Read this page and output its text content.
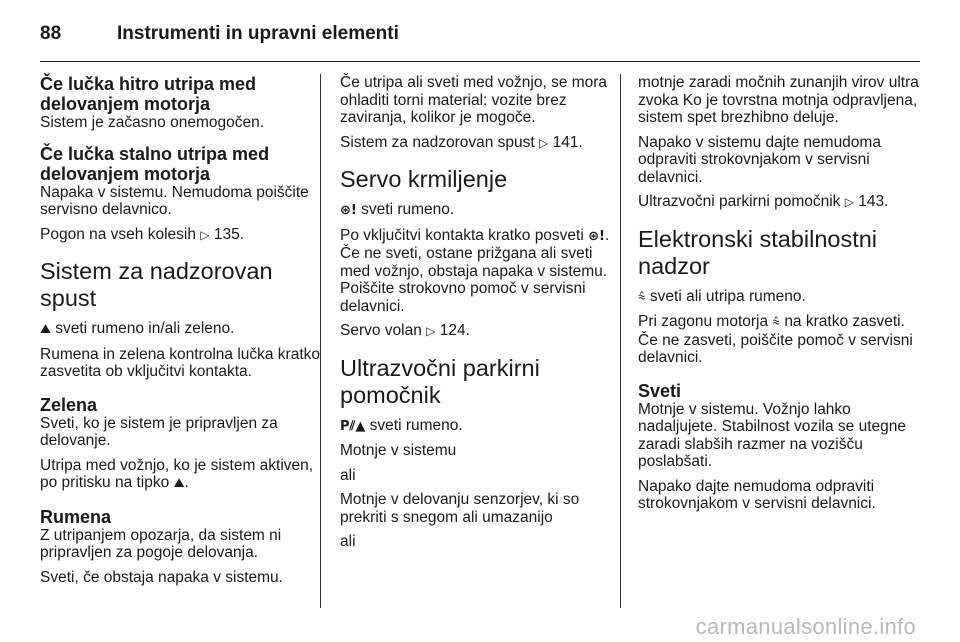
88	Instrumenti in upravni elementi
Če lučka hitro utripa med delovanjem motorja

Sistem je začasno onemogočen.

Če lučka stalno utripa med delovanjem motorja

Napaka v sistemu. Nemudoma poiščite servisno delavnico.

Pogon na vseh kolesih ▷ 135.

Sistem za nadzorovan spust

⛰ sveti rumeno in/ali zeleno.

Rumena in zelena kontrolna lučka kratko zasvetita ob vključitvi kontakta.

Zelena

Sveti, ko je sistem je pripravljen za delovanje.

Utripa med vožnjo, ko je sistem aktiven, po pritisku na tipko ⛰.

Rumena

Z utripanjem opozarja, da sistem ni pripravljen za pogoje delovanja.

Sveti, če obstaja napaka v sistemu.

Če utripa ali sveti med vožnjo, se mora ohladiti torni material: vozite brez zaviranja, kolikor je mogoče.

Sistem za nadzorovan spust ▷ 141.

Servo krmiljenje

⊛! sveti rumeno.

Po vključitvi kontakta kratko posveti ⊛!. Če ne sveti, ostane prižgana ali sveti med vožnjo, obstaja napaka v sistemu. Poiščite strokovno pomoč v servisni delavnici.

Servo volan ▷ 124.

Ultrazvočni parkirni pomočnik

P⫽▲ sveti rumeno.

Motnje v sistemu

ali

Motnje v delovanju senzorjev, ki so prekriti s snegom ali umazanijo

ali

motnje zaradi močnih zunanjih virov ultra zvoka Ko je tovrstna motnja odpravljena, sistem spet brezhibno deluje.

Napako v sistemu dajte nemudoma odpraviti strokovnjakom v servisni delavnici.

Ultrazvočni parkirni pomočnik ▷ 143.

Elektronski stabilnostni nadzor

⩯ sveti ali utripa rumeno.

Pri zagonu motorja ⩯ na kratko zasveti. Če ne zasveti, poiščite pomoč v servisni delavnici.

Sveti

Motnje v sistemu. Vožnjo lahko nadaljujete. Stabilnost vozila se utegne zaradi slabših razmer na vozišču poslabšati.

Napako dajte nemudoma odpraviti strokovnjakom v servisni delavnici.

carmanualsonline.info
